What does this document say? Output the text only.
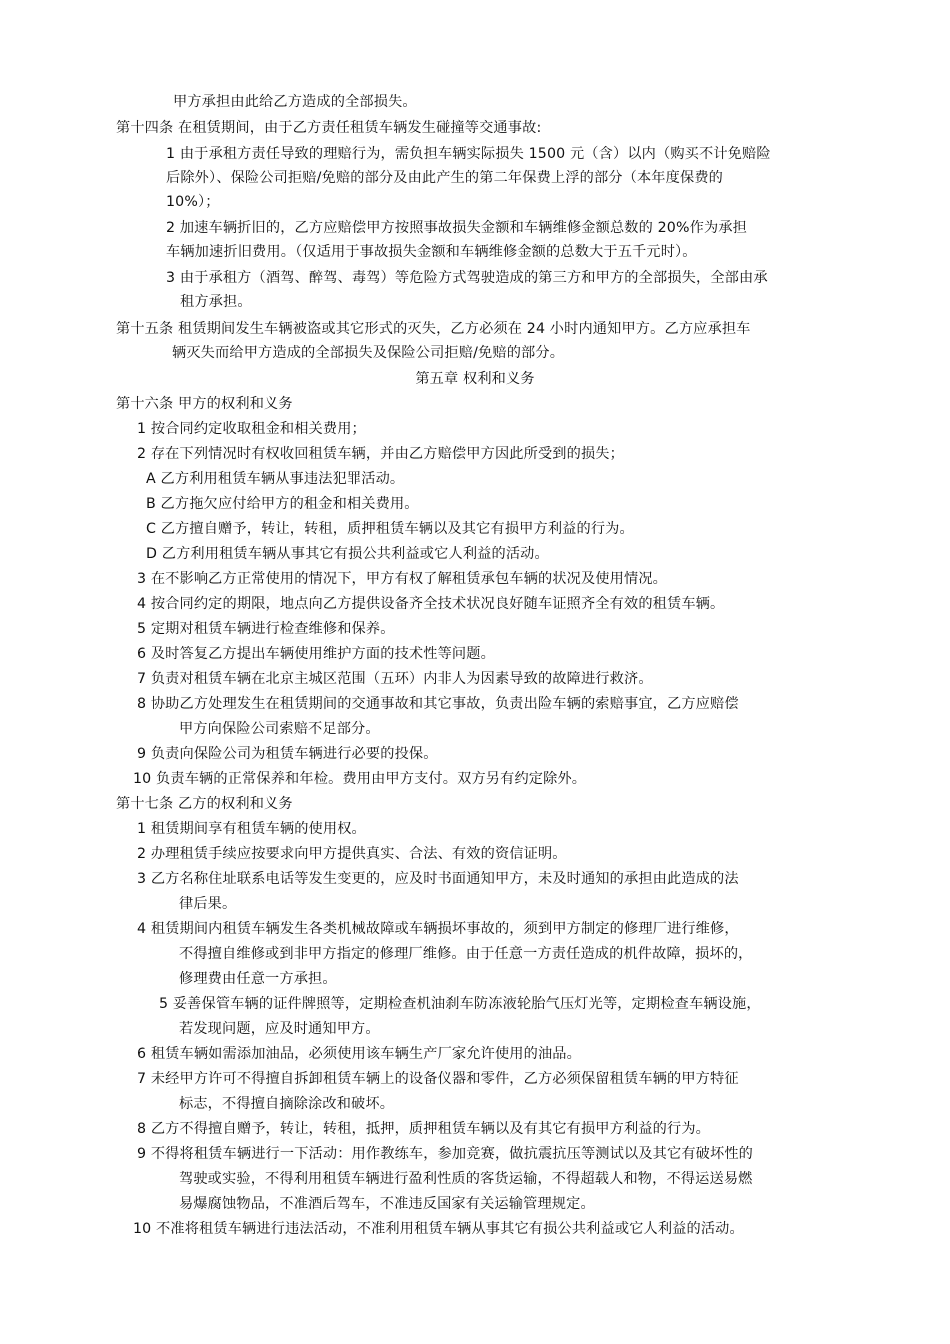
甲方承担由此给乙方造成的全部损失。
第十四条 在租赁期间，由于乙方责任租赁车辆发生碰撞等交通事故:
1 由于承租方责任导致的理赔行为，需负担车辆实际损失 1500 元（含）以内（购买不计免赔险
后除外）、保险公司拒赔/免赔的部分及由此产生的第二年保费上浮的部分（本年度保费的
10%）；
2 加速车辆折旧的，乙方应赔偿甲方按照事故损失金额和车辆维修金额总数的 20%作为承担
车辆加速折旧费用。（仅适用于事故损失金额和车辆维修金额的总数大于五千元时）。
3 由于承租方（酒驾、醉驾、毒驾）等危险方式驾驶造成的第三方和甲方的全部损失，全部由承
租方承担。
第十五条 租赁期间发生车辆被盗或其它形式的灭失，乙方必须在 24 小时内通知甲方。乙方应承担车
辆灭失而给甲方造成的全部损失及保险公司拒赔/免赔的部分。
第五章 权利和义务
第十六条 甲方的权利和义务
1 按合同约定收取租金和相关费用；
2 存在下列情况时有权收回租赁车辆，并由乙方赔偿甲方因此所受到的损失；
A 乙方利用租赁车辆从事违法犯罪活动。
B 乙方拖欠应付给甲方的租金和相关费用。
C 乙方擅自赠予，转让，转租，质押租赁车辆以及其它有损甲方利益的行为。
D 乙方利用租赁车辆从事其它有损公共利益或它人利益的活动。
3 在不影响乙方正常使用的情况下，甲方有权了解租赁承包车辆的状况及使用情况。
4 按合同约定的期限，地点向乙方提供设备齐全技术状况良好随车证照齐全有效的租赁车辆。
5 定期对租赁车辆进行检查维修和保养。
6 及时答复乙方提出车辆使用维护方面的技术性等问题。
7 负责对租赁车辆在北京主城区范围（五环）内非人为因素导致的故障进行救济。
8 协助乙方处理发生在租赁期间的交通事故和其它事故，负责出险车辆的索赔事宜，乙方应赔偿
甲方向保险公司索赔不足部分。
9 负责向保险公司为租赁车辆进行必要的投保。
10 负责车辆的正常保养和年检。费用由甲方支付。双方另有约定除外。
第十七条 乙方的权利和义务
1 租赁期间享有租赁车辆的使用权。
2 办理租赁手续应按要求向甲方提供真实、合法、有效的资信证明。
3 乙方名称住址联系电话等发生变更的，应及时书面通知甲方，未及时通知的承担由此造成的法
律后果。
4 租赁期间内租赁车辆发生各类机械故障或车辆损坏事故的，须到甲方制定的修理厂进行维修，
不得擅自维修或到非甲方指定的修理厂维修。由于任意一方责任造成的机件故障，损坏的，
修理费由任意一方承担。
5 妥善保管车辆的证件牌照等，定期检查机油刹车防冻液轮胎气压灯光等，定期检查车辆设施，
若发现问题，应及时通知甲方。
6 租赁车辆如需添加油品，必须使用该车辆生产厂家允许使用的油品。
7 未经甲方许可不得擅自拆卸租赁车辆上的设备仪器和零件，乙方必须保留租赁车辆的甲方特征
标志，不得擅自摘除涂改和破坏。
8 乙方不得擅自赠予，转让，转租，抵押，质押租赁车辆以及有其它有损甲方利益的行为。
9 不得将租赁车辆进行一下活动：用作教练车，参加竞赛，做抗震抗压等测试以及其它有破坏性的
驾驶或实验，不得利用租赁车辆进行盈利性质的客货运输，不得超载人和物，不得运送易燃
易爆腐蚀物品，不准酒后驾车，不准违反国家有关运输管理规定。
10 不准将租赁车辆进行违法活动，不准利用租赁车辆从事其它有损公共利益或它人利益的活动。
